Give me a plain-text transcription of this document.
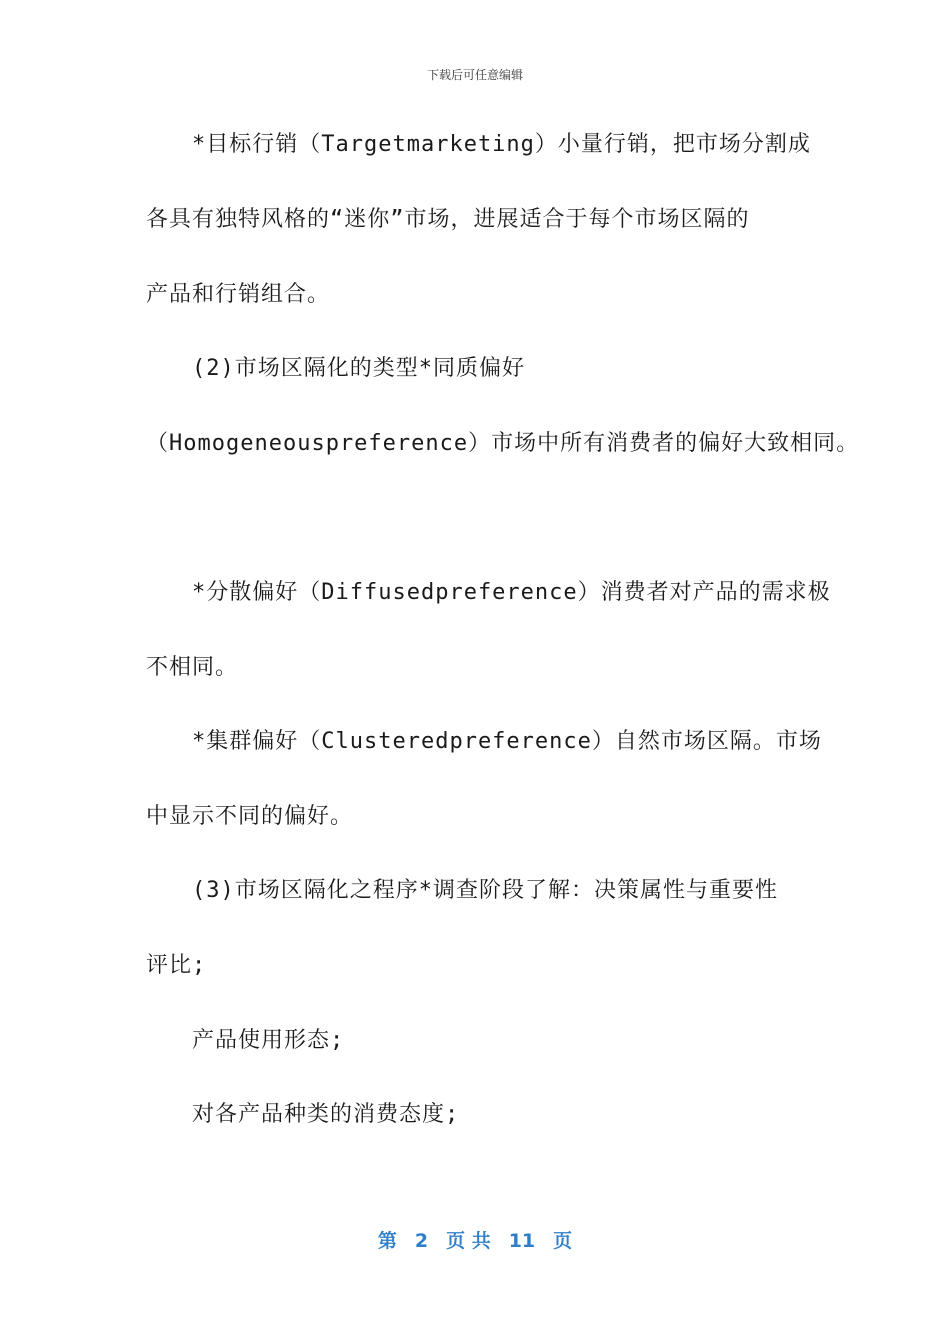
下载后可任意编辑
*目标行销（Targetmarketing）小量行销，把市场分割成
各具有独特风格的“迷你”市场，进展适合于每个市场区隔的
产品和行销组合。
(2)市场区隔化的类型*同质偏好
（Homogeneouspreference）市场中所有消费者的偏好大致相同。
*分散偏好（Diffusedpreference）消费者对产品的需求极
不相同。
*集群偏好（Clusteredpreference）自然市场区隔。市场
中显示不同的偏好。
(3)市场区隔化之程序*调查阶段了解：决策属性与重要性
评比;
产品使用形态;
对各产品种类的消费态度;
第 2 页 共 11 页
